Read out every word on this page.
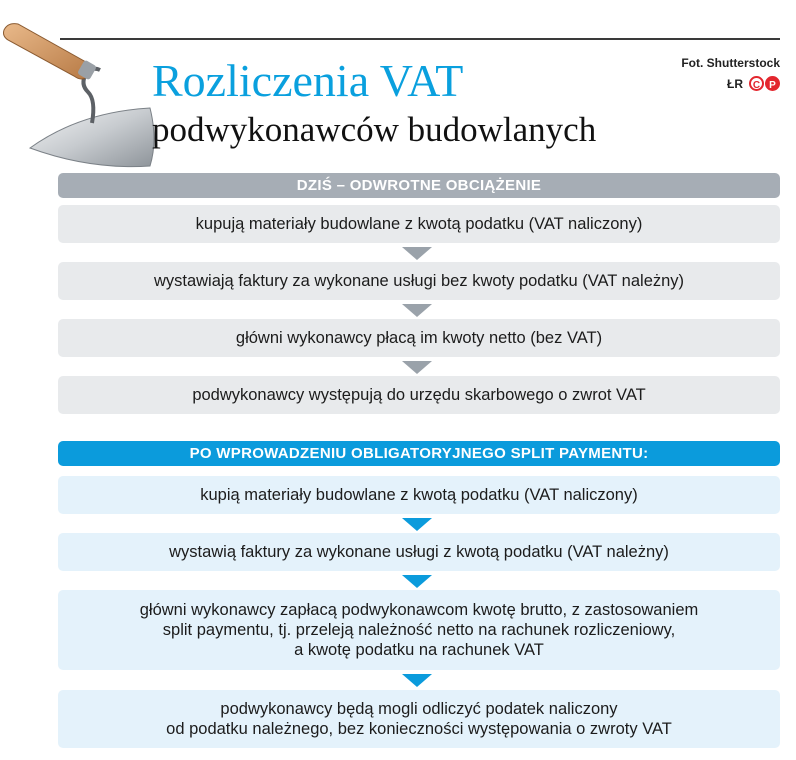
Rozliczenia VAT
podwykonawców budowlanych
Fot. Shutterstock
ŁR C P
DZIŚ – ODWROTNE OBCIĄŻENIE
kupują materiały budowlane z kwotą podatku (VAT naliczony)
wystawiają faktury za wykonane usługi bez kwoty podatku (VAT należny)
główni wykonawcy płacą im kwoty netto (bez VAT)
podwykonawcy występują do urzędu skarbowego o zwrot VAT
PO WPROWADZENIU OBLIGATORYJNEGO SPLIT PAYMENTU:
kupią materiały budowlane z kwotą podatku (VAT naliczony)
wystawią faktury za wykonane usługi z kwotą podatku (VAT należny)
główni wykonawcy zapłacą podwykonawcom kwotę brutto, z zastosowaniem
split paymentu, tj. przeleją należność netto na rachunek rozliczeniowy,
a kwotę podatku na rachunek VAT
podwykonawcy będą mogli odliczyć podatek naliczony
od podatku należnego, bez konieczności występowania o zwroty VAT
